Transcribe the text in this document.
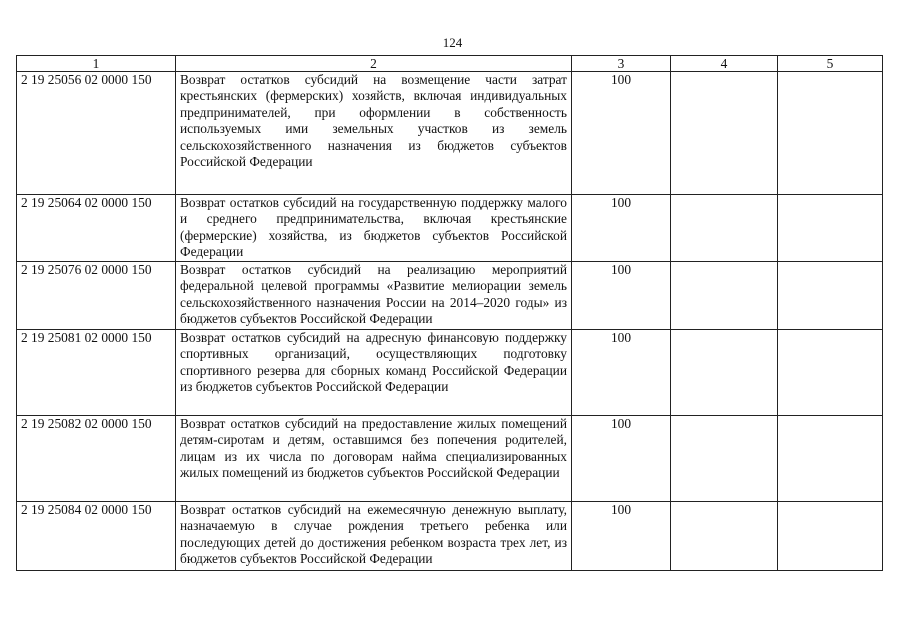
124
1	2	3	4	5
2 19 25056 02 0000 150	Возврат остатков субсидий на возмещение части затрат крестьянских (фермерских) хозяйств, включая индивидуальных предпринимателей, при оформлении в собственность используемых ими земельных участков из земель сельскохозяйственного назначения из бюджетов субъектов Российской Федерации	100		
2 19 25064 02 0000 150	Возврат остатков субсидий на государственную поддержку малого и среднего предпринимательства, включая крестьянские (фермерские) хозяйства, из бюджетов субъектов Российской Федерации	100		
2 19 25076 02 0000 150	Возврат остатков субсидий на реализацию мероприятий федеральной целевой программы «Развитие мелиорации земель сельскохозяйственного назначения России на 2014–2020 годы» из бюджетов субъектов Российской Федерации	100		
2 19 25081 02 0000 150	Возврат остатков субсидий на адресную финансовую поддержку спортивных организаций, осуществляющих подготовку спортивного резерва для сборных команд Российской Федерации из бюджетов субъектов Российской Федерации	100		
2 19 25082 02 0000 150	Возврат остатков субсидий на предоставление жилых помещений детям-сиротам и детям, оставшимся без попечения родителей, лицам из их числа по договорам найма специализированных жилых помещений из бюджетов субъектов Российской Федерации	100		
2 19 25084 02 0000 150	Возврат остатков субсидий на ежемесячную денежную выплату, назначаемую в случае рождения третьего ребенка или последующих детей до достижения ребенком возраста трех лет, из бюджетов субъектов Российской Федерации	100		
